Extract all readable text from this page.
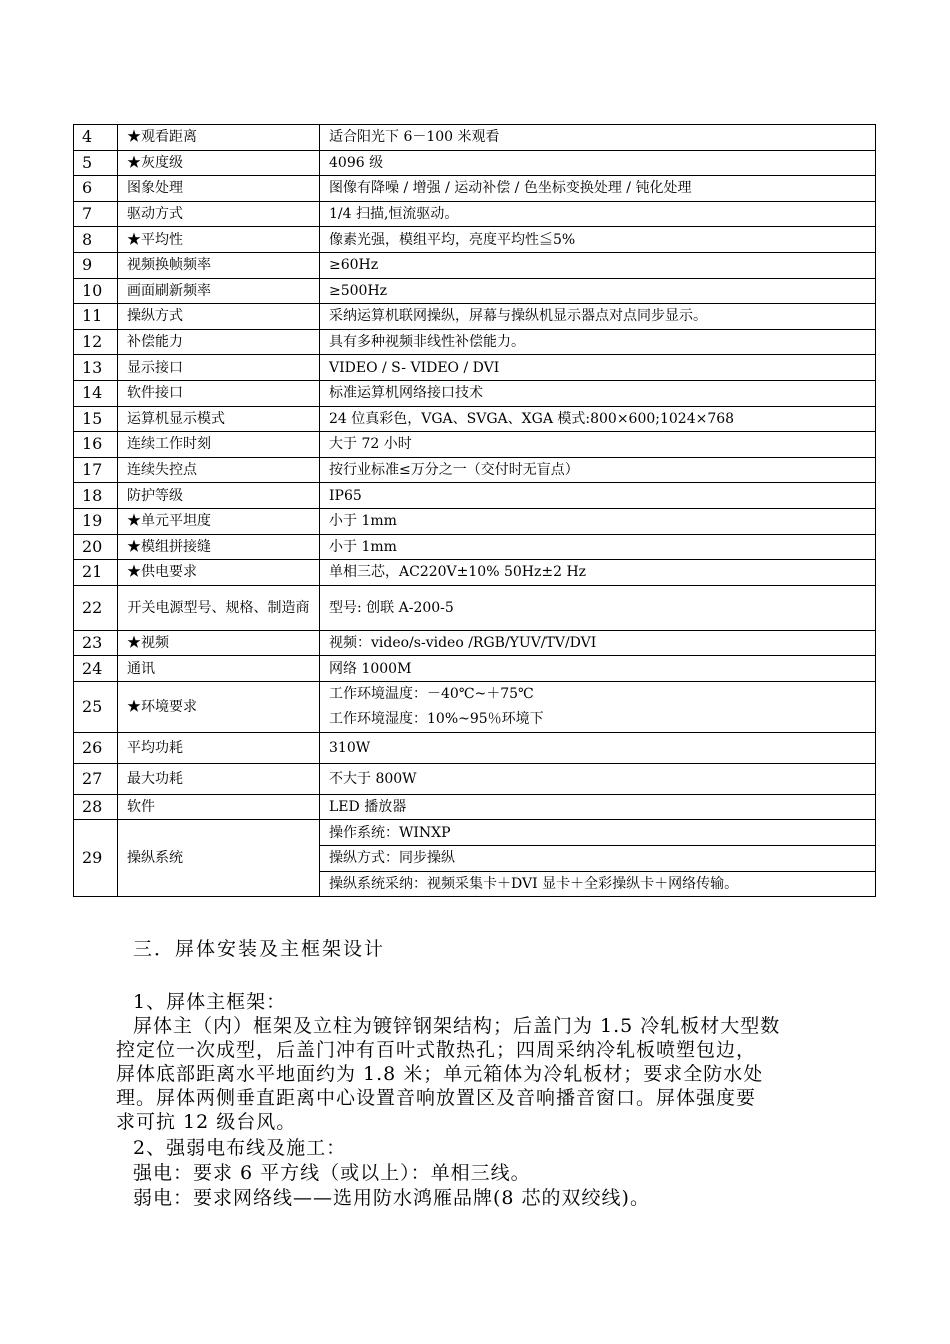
4	★观看距离	适合阳光下 6－100 米观看
5	★灰度级	4096 级
6	图象处理	图像有降噪 / 增强 / 运动补偿 / 色坐标变换处理 / 钝化处理
7	驱动方式	1/4 扫描,恒流驱动。
8	★平均性	像素光强，模组平均，亮度平均性≦5%
9	视频换帧频率	≥60Hz
10	画面刷新频率	≥500Hz
11	操纵方式	采纳运算机联网操纵，屏幕与操纵机显示器点对点同步显示。
12	补偿能力	具有多种视频非线性补偿能力。
13	显示接口	VIDEO / S- VIDEO / DVI
14	软件接口	标准运算机网络接口技术
15	运算机显示模式	24 位真彩色，VGA、SVGA、XGA 模式:800×600;1024×768
16	连续工作时刻	大于 72 小时
17	连续失控点	按行业标准≤万分之一（交付时无盲点）
18	防护等级	IP65
19	★单元平坦度	小于 1mm
20	★模组拼接缝	小于 1mm
21	★供电要求	单相三芯，AC220V±10% 50Hz±2 Hz
22	开关电源型号、规格、制造商	型号: 创联 A-200-5
23	★视频	视频：video/s-video /RGB/YUV/TV/DVI
24	通讯	网络 1000M
25	★环境要求	工作环境温度：－40℃~＋75℃
工作环境湿度：10%~95％环境下

26	平均功耗	310W
27	最大功耗	不大于 800W
28	软件	LED 播放器
29	操纵系统	操作系统：WINXP
		操纵方式：同步操纵
		操纵系统采纳：视频采集卡＋DVI 显卡＋全彩操纵卡＋网络传输。
三．屏体安装及主框架设计
1、屏体主框架：
屏体主（内）框架及立柱为镀锌钢架结构；后盖门为 1.5 冷轧板材大型数
控定位一次成型，后盖门冲有百叶式散热孔；四周采纳冷轧板喷塑包边，
屏体底部距离水平地面约为 1.8 米；单元箱体为冷轧板材；要求全防水处
理。屏体两侧垂直距离中心设置音响放置区及音响播音窗口。屏体强度要
求可抗 12 级台风。
2、强弱电布线及施工：
强电：要求 6 平方线（或以上）：单相三线。
弱电：要求网络线——选用防水鸿雁品牌(8 芯的双绞线)。
